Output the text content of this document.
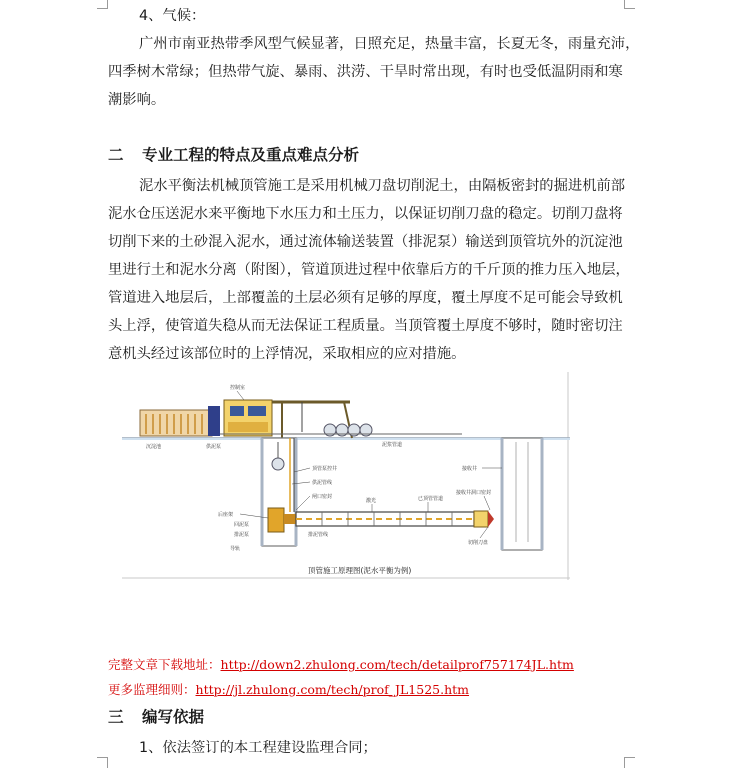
4、气候：

广州市南亚热带季风型气候显著，日照充足，热量丰富，长夏无冬，雨量充沛，

四季树木常绿；但热带气旋、暴雨、洪涝、干旱时常出现，有时也受低温阴雨和寒

潮影响。

二 专业工程的特点及重点难点分析

泥水平衡法机械顶管施工是采用机械刀盘切削泥土，由隔板密封的掘进机前部

泥水仓压送泥水来平衡地下水压力和土压力，以保证切削刀盘的稳定。切削刀盘将

切削下来的土砂混入泥水，通过流体输送装置（排泥泵）输送到顶管坑外的沉淀池

里进行土和泥水分离（附图），管道顶进过程中依靠后方的千斤顶的推力压入地层，

管道进入地层后，上部覆盖的土层必须有足够的厚度，覆土厚度不足可能会导致机

头上浮，使管道失稳从而无法保证工程质量。当顶管覆土厚度不够时，随时密切注

意机头经过该部位时的上浮情况，采取相应的应对措施。

控制室
泥浆管道
沉淀池	供泥泵
顶管泵控井
供泥管线
闸口密封
排泥管线
激光	已顶管管道
接收井
接收井洞口密封
切削刀盘
回泥泵
排泥泵
导轨
后座架
顶管施工原理图(泥水平衡为例)
完整文章下载地址：http://down2.zhulong.com/tech/detailprof757174JL.htm
更多监理细则：http://jl.zhulong.com/tech/prof_JL1525.htm
三 编写依据

1、依法签订的本工程建设监理合同；
